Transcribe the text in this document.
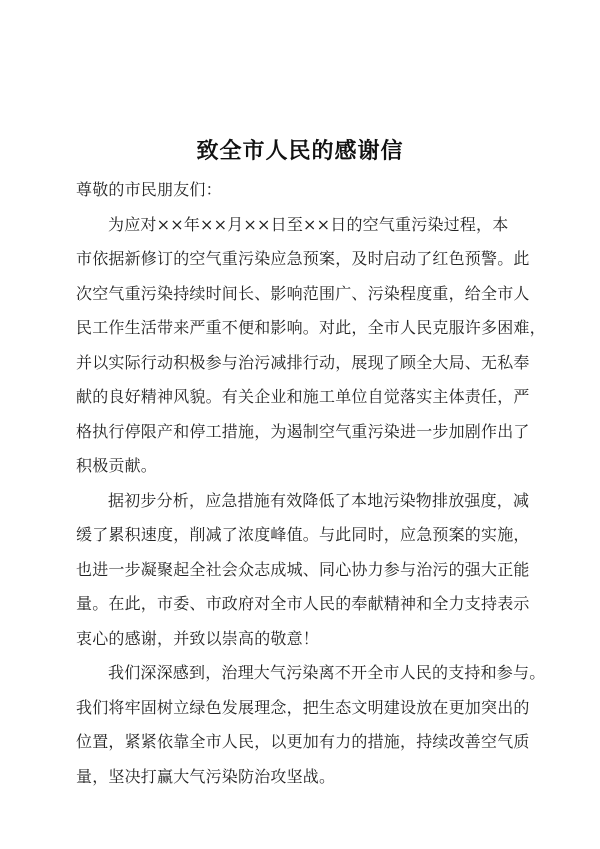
致全市人民的感谢信
尊敬的市民朋友们：
为应对××年××月××日至××日的空气重污染过程，本
市依据新修订的空气重污染应急预案，及时启动了红色预警。此
次空气重污染持续时间长、影响范围广、污染程度重，给全市人
民工作生活带来严重不便和影响。对此，全市人民克服许多困难，
并以实际行动积极参与治污减排行动，展现了顾全大局、无私奉
献的良好精神风貌。有关企业和施工单位自觉落实主体责任，严
格执行停限产和停工措施，为遏制空气重污染进一步加剧作出了
积极贡献。
据初步分析，应急措施有效降低了本地污染物排放强度，减
缓了累积速度，削减了浓度峰值。与此同时，应急预案的实施，
也进一步凝聚起全社会众志成城、同心协力参与治污的强大正能
量。在此，市委、市政府对全市人民的奉献精神和全力支持表示
衷心的感谢，并致以崇高的敬意！
我们深深感到，治理大气污染离不开全市人民的支持和参与。
我们将牢固树立绿色发展理念，把生态文明建设放在更加突出的
位置，紧紧依靠全市人民，以更加有力的措施，持续改善空气质
量，坚决打赢大气污染防治攻坚战。
